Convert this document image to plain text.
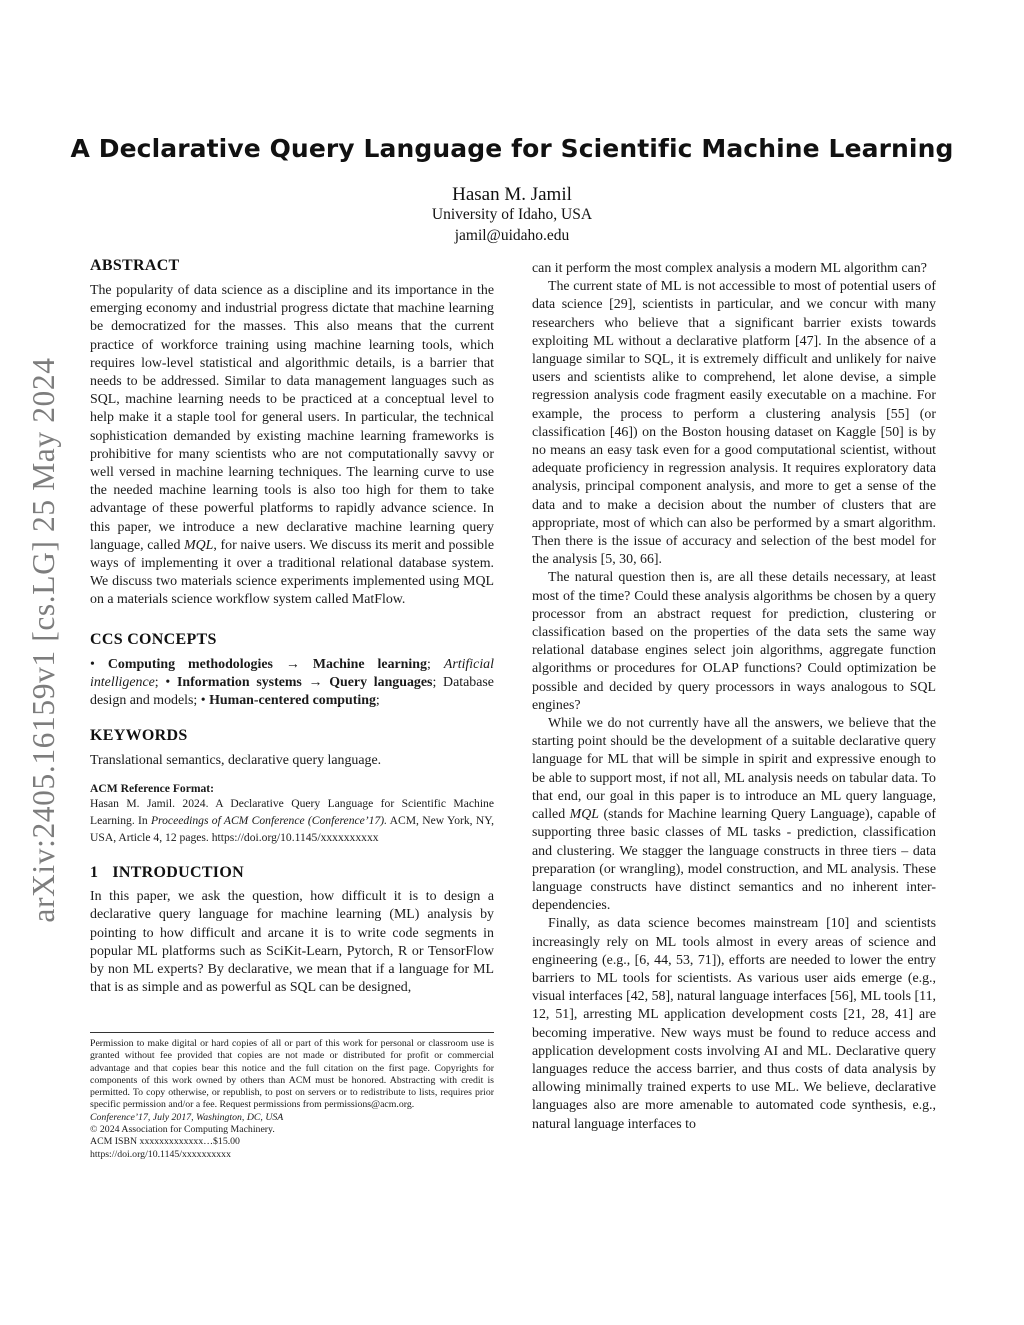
arXiv:2405.16159v1 [cs.LG] 25 May 2024
A Declarative Query Language for Scientific Machine Learning
Hasan M. Jamil
University of Idaho, USA
jamil@uidaho.edu
ABSTRACT

The popularity of data science as a discipline and its importance in the emerging economy and industrial progress dictate that machine learning be democratized for the masses. This also means that the current practice of workforce training using machine learning tools, which requires low-level statistical and algorithmic details, is a barrier that needs to be addressed. Similar to data management languages such as SQL, machine learning needs to be practiced at a conceptual level to help make it a staple tool for general users. In particular, the technical sophistication demanded by existing machine learning frameworks is prohibitive for many scientists who are not computationally savvy or well versed in machine learning techniques. The learning curve to use the needed machine learning tools is also too high for them to take advantage of these powerful platforms to rapidly advance science. In this paper, we introduce a new declarative machine learning query language, called MQL, for naive users. We discuss its merit and possible ways of implementing it over a traditional relational database system. We discuss two materials science experiments implemented using MQL on a materials science workflow system called MatFlow.

CCS CONCEPTS

• Computing methodologies → Machine learning; Artificial intelligence; • Information systems → Query languages; Database design and models; • Human-centered computing;

KEYWORDS

Translational semantics, declarative query language.

ACM Reference Format:

Hasan M. Jamil. 2024. A Declarative Query Language for Scientific Machine Learning. In Proceedings of ACM Conference (Conference’17). ACM, New York, NY, USA, Article 4, 12 pages. https://doi.org/10.1145/xxxxxxxxxx

1 INTRODUCTION

In this paper, we ask the question, how difficult it is to design a declarative query language for machine learning (ML) analysis by pointing to how difficult and arcane it is to write code segments in popular ML platforms such as SciKit-Learn, Pytorch, R or TensorFlow by non ML experts? By declarative, we mean that if a language for ML that is as simple and as powerful as SQL can be designed,

Permission to make digital or hard copies of all or part of this work for personal or classroom use is granted without fee provided that copies are not made or distributed for profit or commercial advantage and that copies bear this notice and the full citation on the first page. Copyrights for components of this work owned by others than ACM must be honored. Abstracting with credit is permitted. To copy otherwise, or republish, to post on servers or to redistribute to lists, requires prior specific permission and/or a fee. Request permissions from permissions@acm.org.
Conference’17, July 2017, Washington, DC, USA
© 2024 Association for Computing Machinery.
ACM ISBN xxxxxxxxxxxxx…$15.00
https://doi.org/10.1145/xxxxxxxxxx

can it perform the most complex analysis a modern ML algorithm can?

The current state of ML is not accessible to most of potential users of data science [29], scientists in particular, and we concur with many researchers who believe that a significant barrier exists towards exploiting ML without a declarative platform [47]. In the absence of a language similar to SQL, it is extremely difficult and unlikely for naive users and scientists alike to comprehend, let alone devise, a simple regression analysis code fragment easily executable on a machine. For example, the process to perform a clustering analysis [55] (or classification [46]) on the Boston housing dataset on Kaggle [50] is by no means an easy task even for a good computational scientist, without adequate proficiency in regression analysis. It requires exploratory data analysis, principal component analysis, and more to get a sense of the data and to make a decision about the number of clusters that are appropriate, most of which can also be performed by a smart algorithm. Then there is the issue of accuracy and selection of the best model for the analysis [5, 30, 66].

The natural question then is, are all these details necessary, at least most of the time? Could these analysis algorithms be chosen by a query processor from an abstract request for prediction, clustering or classification based on the properties of the data sets the same way relational database engines select join algorithms, aggregate function algorithms or procedures for OLAP functions? Could optimization be possible and decided by query processors in ways analogous to SQL engines?

While we do not currently have all the answers, we believe that the starting point should be the development of a suitable declarative query language for ML that will be simple in spirit and expressive enough to be able to support most, if not all, ML analysis needs on tabular data. To that end, our goal in this paper is to introduce an ML query language, called MQL (stands for Machine learning Query Language), capable of supporting three basic classes of ML tasks - prediction, classification and clustering. We stagger the language constructs in three tiers – data preparation (or wrangling), model construction, and ML analysis. These language constructs have distinct semantics and no inherent inter-dependencies.

Finally, as data science becomes mainstream [10] and scientists increasingly rely on ML tools almost in every areas of science and engineering (e.g., [6, 44, 53, 71]), efforts are needed to lower the entry barriers to ML tools for scientists. As various user aids emerge (e.g., visual interfaces [42, 58], natural language interfaces [56], ML tools [11, 12, 51], arresting ML application development costs [21, 28, 41] are becoming imperative. New ways must be found to reduce access and application development costs involving AI and ML. Declarative query languages reduce the access barrier, and thus costs of data analysis by allowing minimally trained experts to use ML. We believe, declarative languages also are more amenable to automated code synthesis, e.g., natural language interfaces to
